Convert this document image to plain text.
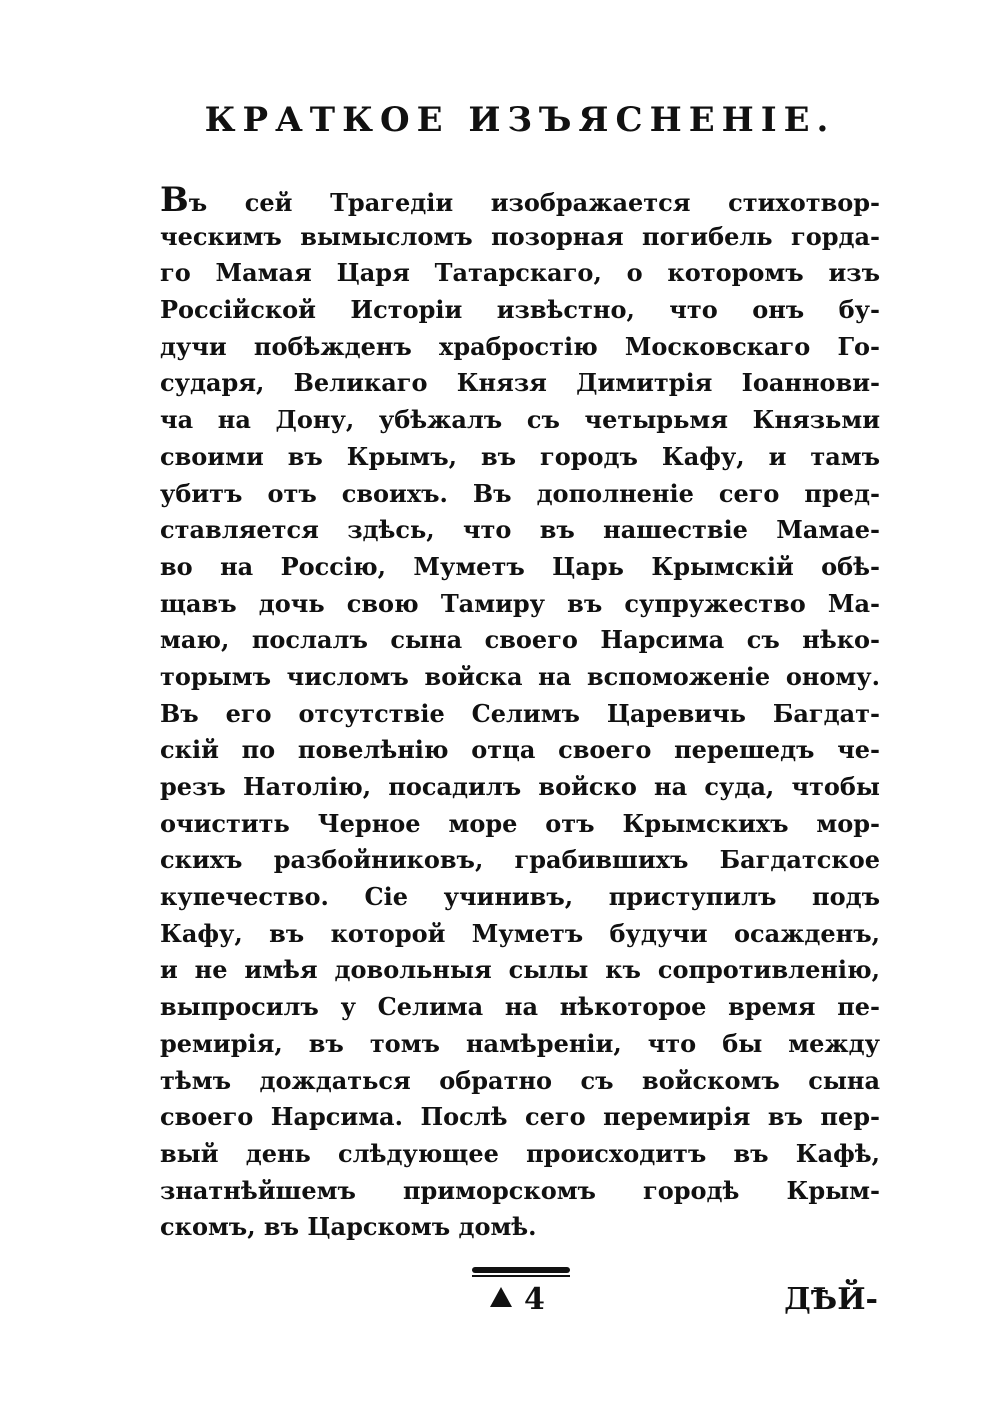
КРАТКОЕ ИЗЪЯСНЕНІЕ.
Въ сей Трагедіи изображается стихотвор-
ческимъ вымысломъ позорная погибель горда-
го Мамая Царя Татарскаго, о которомъ изъ
Россійской Исторіи извѣстно, что онъ бу-
дучи побѣжденъ храбростію Московскаго Го-
сударя, Великаго Князя Димитрія Іоаннови-
ча на Дону, убѣжалъ съ четырьмя Князьми
своими въ Крымъ, въ городъ Кафу, и тамъ
убитъ отъ своихъ. Въ дополненіе сего пред-
ставляется здѣсь, что въ нашествіе Мамае-
во на Россію, Муметъ Царь Крымскій обѣ-
щавъ дочь свою Тамиру въ супружество Ма-
маю, послалъ сына своего Нарсима съ нѣко-
торымъ числомъ войска на вспоможеніе оному.
Въ его отсутствіе Селимъ Царевичь Багдат-
скій по повелѣнію отца своего перешедъ че-
резъ Натолію, посадилъ войско на суда, чтобы
очистить Черное море отъ Крымскихъ мор-
скихъ разбойниковъ, грабившихъ Багдатское
купечество. Сіе учинивъ, приступилъ подъ
Кафу, въ которой Муметъ будучи осажденъ,
и не имѣя довольныя сылы къ сопротивленію,
выпросилъ у Селима на нѣкоторое время пе-
ремирія, въ томъ намѣреніи, что бы между
тѣмъ дождаться обратно съ войскомъ сына
своего Нарсима. Послѣ сего перемирія въ пер-
вый день слѣдующее происходитъ въ Кафѣ,
знатнѣйшемъ приморскомъ городѣ Крым-
скомъ, въ Царскомъ домѣ.
4	ДѢЙ-
